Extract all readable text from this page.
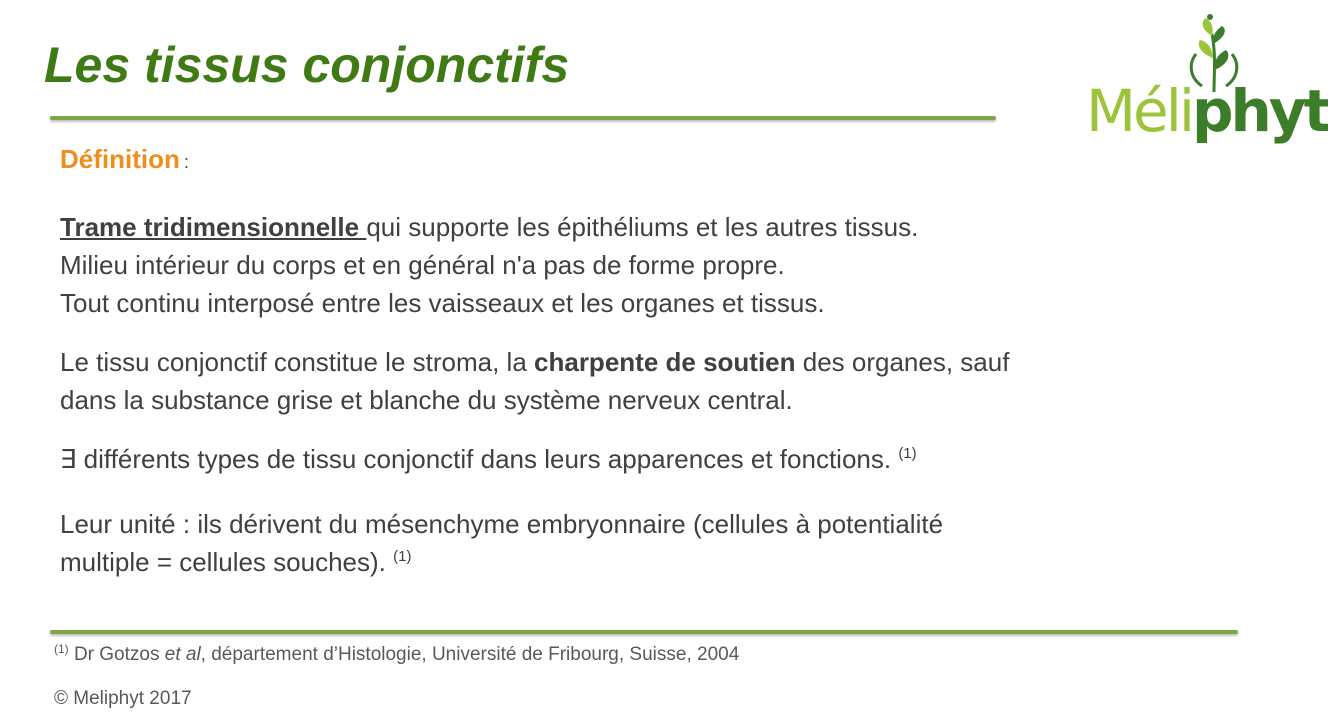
Les tissus conjonctifs
Méliphyt

Définition :

Trame tridimensionnelle qui supporte les épithéliums et les autres tissus.
Milieu intérieur du corps et en général n'a pas de forme propre.
Tout continu interposé entre les vaisseaux et les organes et tissus.

Le tissu conjonctif constitue le stroma, la charpente de soutien des organes, sauf
dans la substance grise et blanche du système nerveux central.

∃ différents types de tissu conjonctif dans leurs apparences et fonctions. $^{(1)}$

Leur unité : ils dérivent du mésenchyme embryonnaire (cellules à potentialité
multiple = cellules souches). $^{(1)}$

$^{(1)}$ Dr Gotzos et al, département d’Histologie, Université de Fribourg, Suisse, 2004

© Meliphyt 2017
